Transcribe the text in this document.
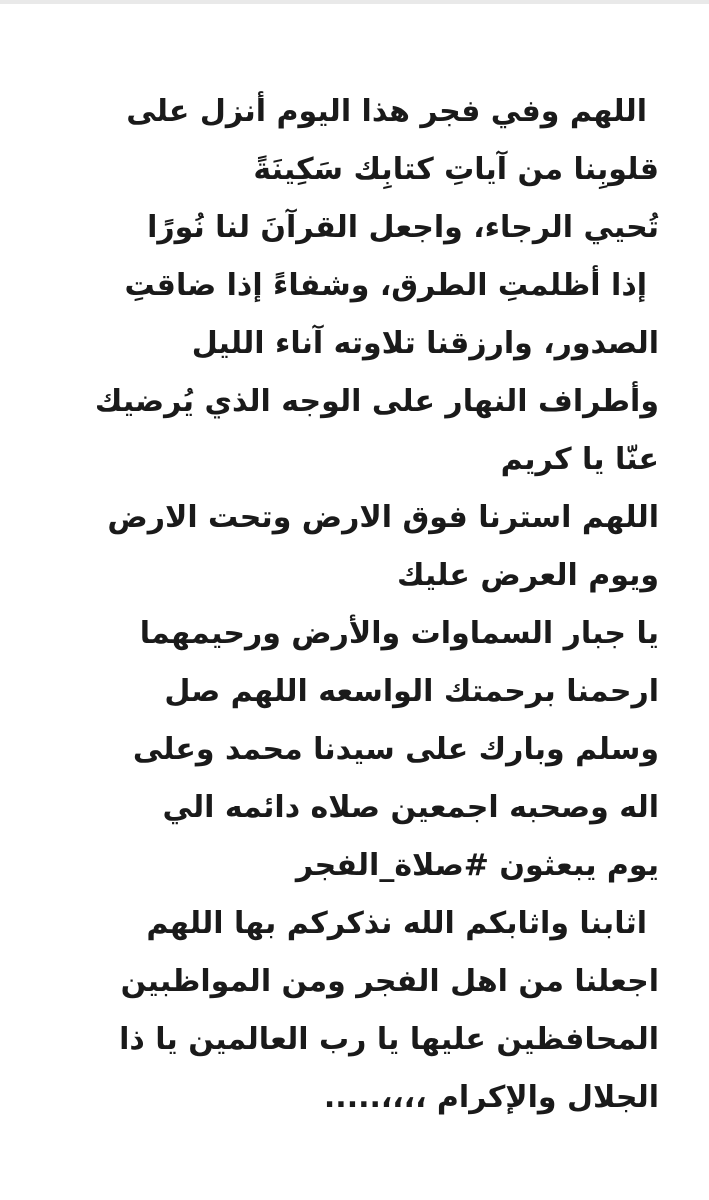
اللهم وفي فجر هذا اليوم أنزل على
قلوبِنا من آياتِ كتابِك سَكِينَةً
تُحيي الرجاء، واجعل القرآنَ لنا نُورًا
إذا أظلمتِ الطرق، وشفاءً إذا ضاقتِ
الصدور، وارزقنا تلاوته آناء الليل
وأطراف النهار على الوجه الذي يُرضيك
عنّا يا كريم
اللهم استرنا فوق الارض وتحت الارض
ويوم العرض عليك
يا جبار السماوات والأرض ورحيمهما
ارحمنا برحمتك الواسعه اللهم صل
وسلم وبارك على سيدنا محمد وعلى
اله وصحبه اجمعين صلاه دائمه الي
يوم يبعثون #صلاة_الفجر
اثابنا واثابكم الله نذكركم بها اللهم
اجعلنا من اهل الفجر ومن المواظبين
المحافظين عليها يا رب العالمين يا ذا
الجلال والإكرام ،،،،.....
